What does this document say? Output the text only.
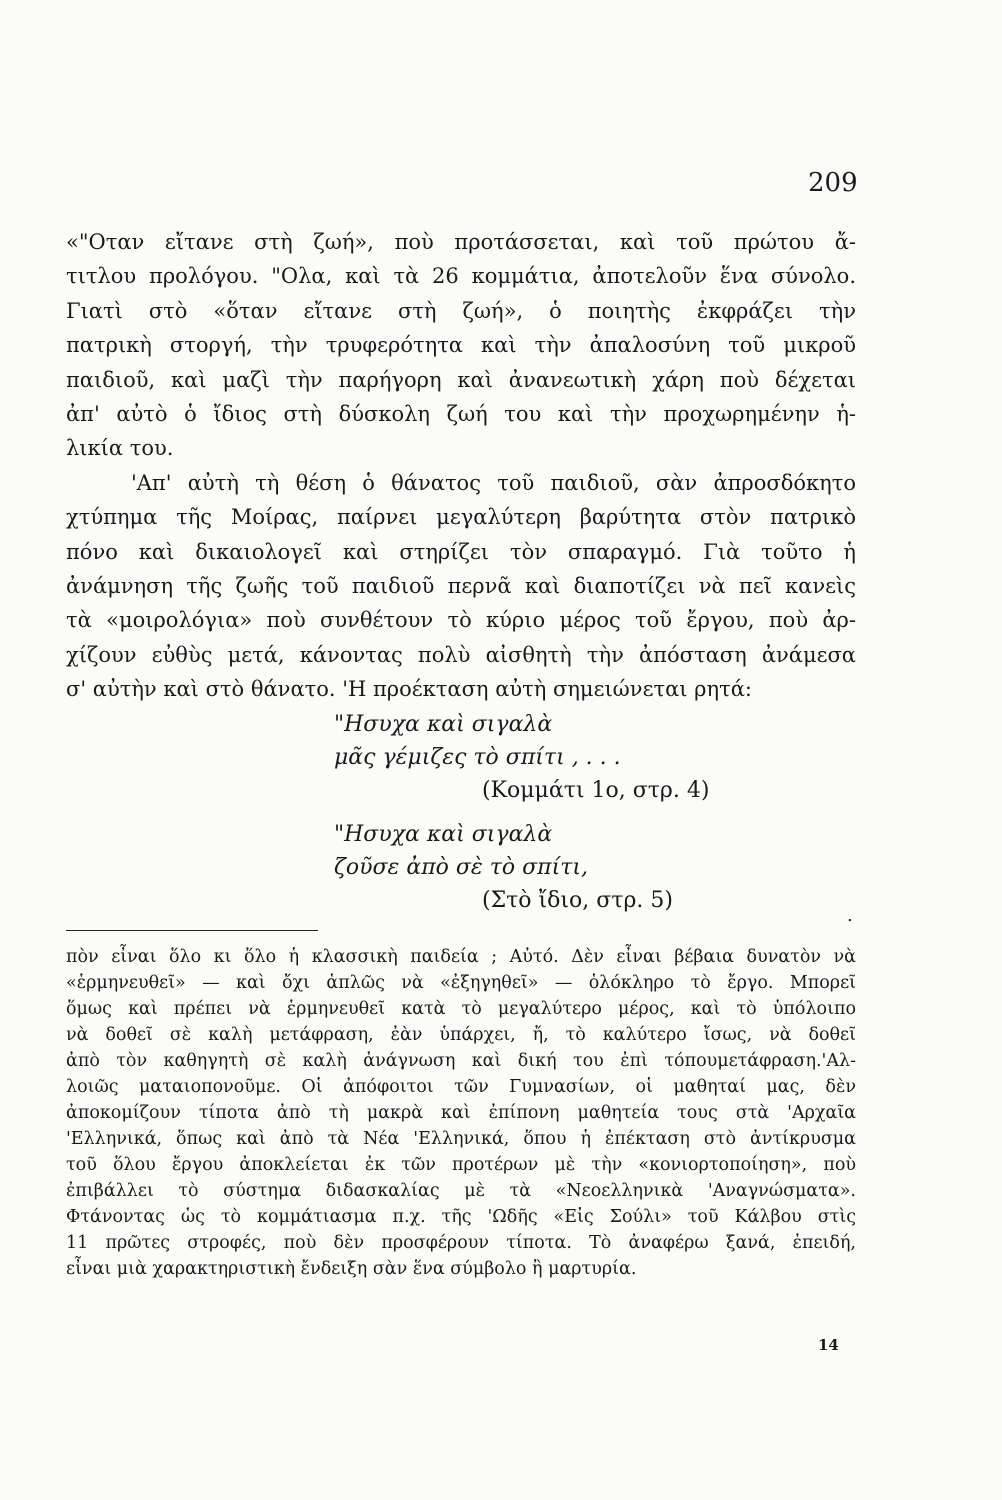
209
«"Οταν εἴτανε στὴ ζωή», ποὺ προτάσσεται, καὶ τοῦ πρώτου ἄ-
τιτλου προλόγου. "Ολα, καὶ τὰ 26 κομμάτια, ἀποτελοῦν ἕνα σύνολο.
Γιατὶ στὸ «ὅταν εἴτανε στὴ ζωή», ὁ ποιητὴς ἐκφράζει τὴν
πατρικὴ στοργή, τὴν τρυφερότητα καὶ τὴν ἀπαλοσύνη τοῦ μικροῦ
παιδιοῦ, καὶ μαζὶ τὴν παρήγορη καὶ ἀνανεωτικὴ χάρη ποὺ δέχεται
ἀπ' αὐτὸ ὁ ἴδιος στὴ δύσκολη ζωή του καὶ τὴν προχωρημένην ἡ-
λικία του.
'Απ' αὐτὴ τὴ θέση ὁ θάνατος τοῦ παιδιοῦ, σὰν ἀπροσδόκητο
χτύπημα τῆς Μοίρας, παίρνει μεγαλύτερη βαρύτητα στὸν πατρικὸ
πόνο καὶ δικαιολογεῖ καὶ στηρίζει τὸν σπαραγμό. Γιὰ τοῦτο ἡ
ἀνάμνηση τῆς ζωῆς τοῦ παιδιοῦ περνᾶ καὶ διαποτίζει νὰ πεῖ κανεὶς
τὰ «μοιρολόγια» ποὺ συνθέτουν τὸ κύριο μέρος τοῦ ἔργου, ποὺ ἀρ-
χίζουν εὐθὺς μετά, κάνοντας πολὺ αἰσθητὴ τὴν ἀπόσταση ἀνάμεσα
σ' αὐτὴν καὶ στὸ θάνατο. 'Η προέκταση αὐτὴ σημειώνεται ρητά:
"Ησυχα καὶ σιγαλὰ
μᾶς γέμιζες τὸ σπίτι , . . .
(Κομμάτι 1ο, στρ. 4)
"Ησυχα καὶ σιγαλὰ
ζοῦσε ἀπὸ σὲ τὸ σπίτι,
(Στὸ ἴδιο, στρ. 5)
.
πὸν εἶναι ὅλο κι ὅλο ἡ κλασσικὴ παιδεία ; Αὐτό. Δὲν εἶναι βέβαια δυνατὸν νὰ
«ἑρμηνευθεῖ» — καὶ ὄχι ἁπλῶς νὰ «ἐξηγηθεῖ» — ὁλόκληρο τὸ ἔργο. Μπορεῖ
ὅμως καὶ πρέπει νὰ ἑρμηνευθεῖ κατὰ τὸ μεγαλύτερο μέρος, καὶ τὸ ὑπόλοιπο
νὰ δοθεῖ σὲ καλὴ μετάφραση, ἐὰν ὑπάρχει, ἤ, τὸ καλύτερο ἴσως, νὰ δοθεῖ
ἀπὸ τὸν καθηγητὴ σὲ καλὴ ἀνάγνωση καὶ δική του ἐπὶ τόπουμετάφραση.'Αλ-
λοιῶς ματαιοπονοῦμε. Οἱ ἀπόφοιτοι τῶν Γυμνασίων, οἱ μαθηταί μας, δὲν
ἀποκομίζουν τίποτα ἀπὸ τὴ μακρὰ καὶ ἐπίπονη μαθητεία τους στὰ 'Αρχαῖα
'Ελληνικά, ὅπως καὶ ἀπὸ τὰ Νέα 'Ελληνικά, ὅπου ἡ ἐπέκταση στὸ ἀντίκρυσμα
τοῦ ὅλου ἔργου ἀποκλείεται ἐκ τῶν προτέρων μὲ τὴν «κονιορτοποίηση», ποὺ
ἐπιβάλλει τὸ σύστημα διδασκαλίας μὲ τὰ «Νεοελληνικὰ 'Αναγνώσματα».
Φτάνοντας ὡς τὸ κομμάτιασμα π.χ. τῆς 'Ωδῆς «Εἰς Σούλι» τοῦ Κάλβου στὶς
11 πρῶτες στροφές, ποὺ δὲν προσφέρουν τίποτα. Τὸ ἀναφέρω ξανά, ἐπειδή,
εἶναι μιὰ χαρακτηριστικὴ ἔνδειξη σὰν ἕνα σύμβολο ἢ μαρτυρία.
14
